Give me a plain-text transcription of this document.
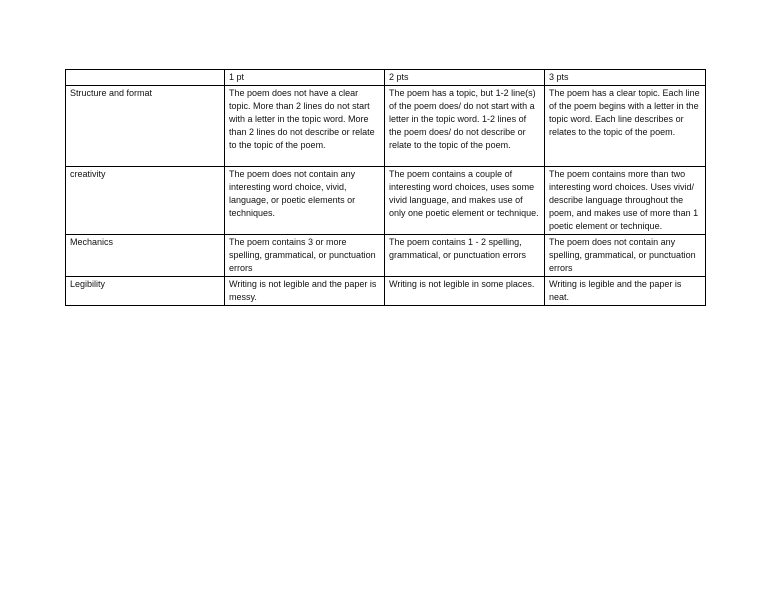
	1 pt	2 pts	3 pts
Structure and format	The poem does not have a clear topic. More than 2 lines do not start with a letter in the topic word. More than 2 lines do not describe or relate to the topic of the poem.	The poem has a topic, but 1-2 line(s) of the poem does/ do not start with a letter in the topic word. 1-2 lines of the poem does/ do not describe or relate to the topic of the poem.	The poem has a clear topic. Each line of the poem begins with a letter in the topic word. Each line describes or relates to the topic of the poem.
creativity	The poem does not contain any interesting word choice, vivid, language, or poetic elements or techniques.	The poem contains a couple of interesting word choices, uses some vivid language, and makes use of only one poetic element or technique.	The poem contains more than two interesting word choices. Uses vivid/ describe language throughout the poem, and makes use of more than 1 poetic element or technique.
Mechanics	The poem contains 3 or more spelling, grammatical, or punctuation errors	The poem contains 1 - 2 spelling, grammatical, or punctuation errors	The poem does not contain any spelling, grammatical, or punctuation errors
Legibility	Writing is not legible and the paper is messy.	Writing is not legible in some places.	Writing is legible and the paper is neat.
